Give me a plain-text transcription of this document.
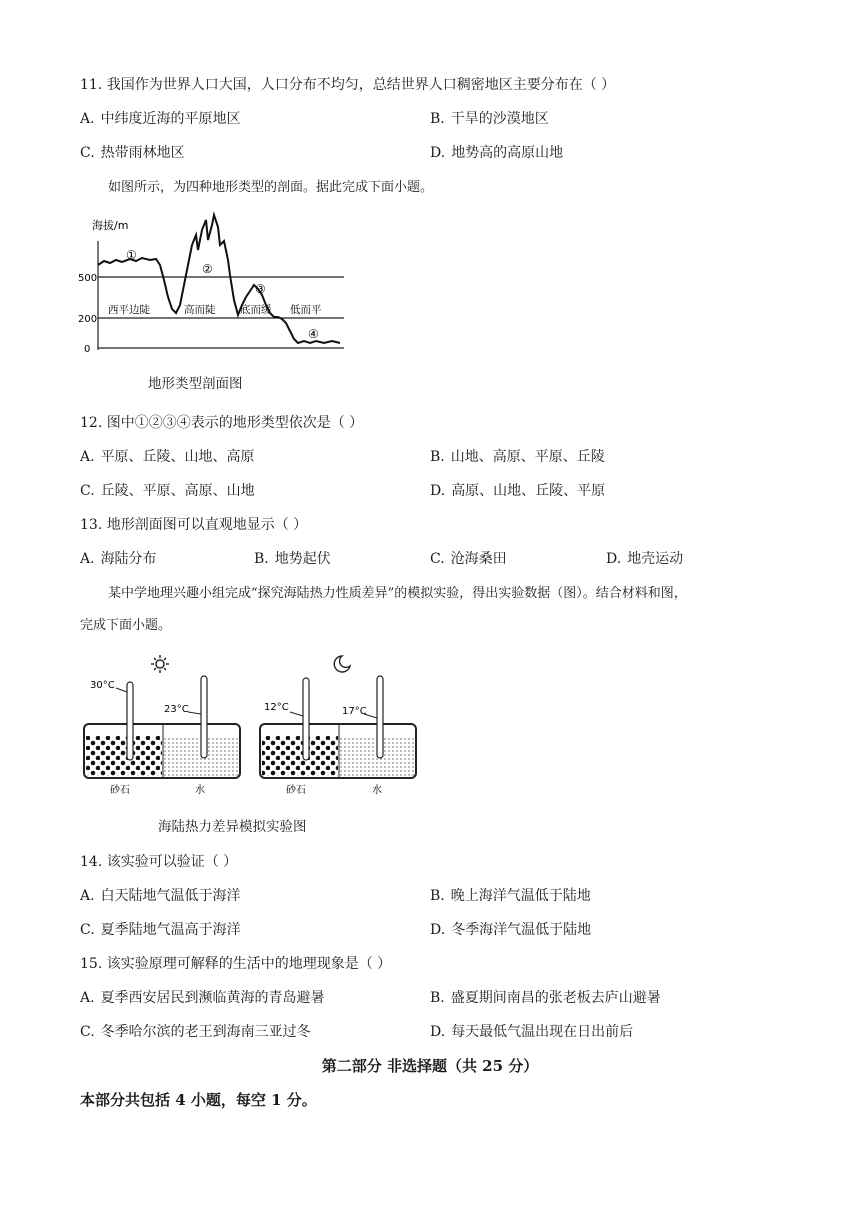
11. 我国作为世界人口大国，人口分布不均匀，总结世界人口稠密地区主要分布在（ ）
A. 中纬度近海的平原地区	B. 干旱的沙漠地区
C. 热带雨林地区	D. 地势高的高原山地
如图所示，为四种地形类型的剖面。据此完成下面小题。
海拔/m
500
200
0
①
②
③
④
西平边陡	高而陡 底而缓 低而平
地形类型剖面图
12. 图中①②③④表示的地形类型依次是（ ）
A. 平原、丘陵、山地、高原	B. 山地、高原、平原、丘陵
C. 丘陵、平原、高原、山地	D. 高原、山地、丘陵、平原
13. 地形剖面图可以直观地显示（ ）
A. 海陆分布	B. 地势起伏	C. 沧海桑田	D. 地壳运动
某中学地理兴趣小组完成“探究海陆热力性质差异”的模拟实验，得出实验数据（图）。结合材料和图，
完成下面小题。
30°C
23°C
砂石	水
12°C	17°C
砂石	水
海陆热力差异模拟实验图
14. 该实验可以验证（ ）
A. 白天陆地气温低于海洋	B. 晚上海洋气温低于陆地
C. 夏季陆地气温高于海洋	D. 冬季海洋气温低于陆地
15. 该实验原理可解释的生活中的地理现象是（ ）
A. 夏季西安居民到濒临黄海的青岛避暑	B. 盛夏期间南昌的张老板去庐山避暑
C. 冬季哈尔滨的老王到海南三亚过冬	D. 每天最低气温出现在日出前后
第二部分 非选择题（共 25 分）
本部分共包括 4 小题，每空 1 分。
